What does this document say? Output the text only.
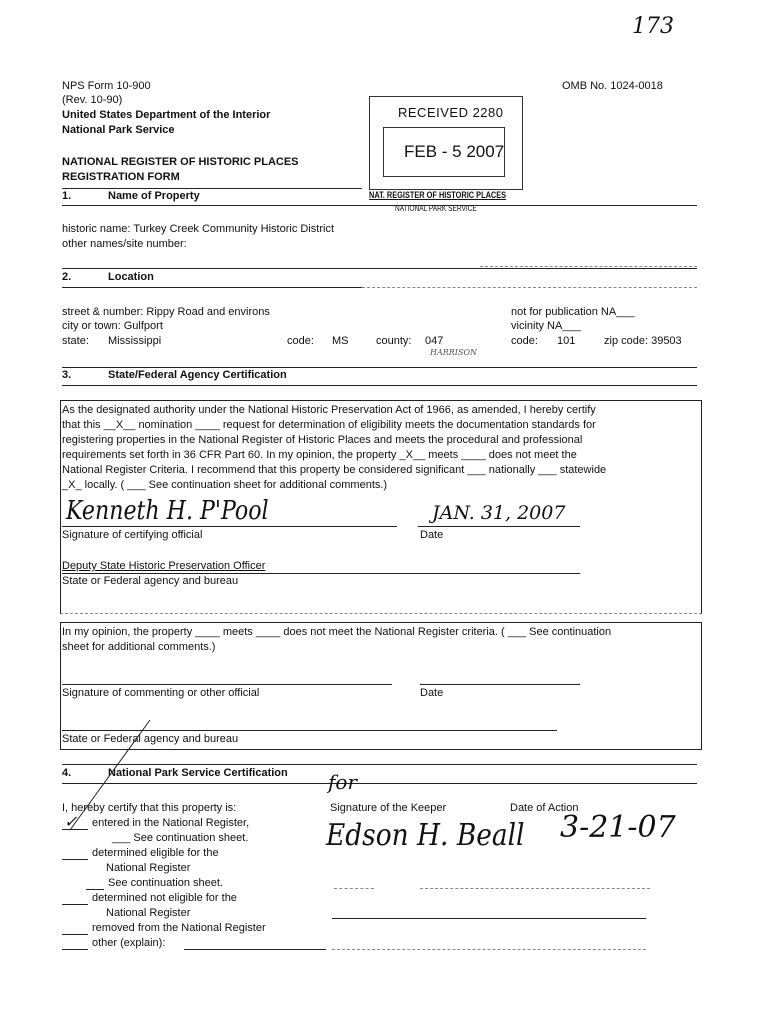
173
NPS Form 10-900
(Rev. 10-90)
United States Department of the Interior
National Park Service
OMB No. 1024-0018
NATIONAL REGISTER OF HISTORIC PLACES
REGISTRATION FORM
RECEIVED 2280
FEB - 5 2007
NAT. REGISTER OF HISTORIC PLACES
NATIONAL PARK SERVICE
1.	Name of Property
historic name: Turkey Creek Community Historic District
other names/site number:
2.	Location
street & number: Rippy Road and environs
city or town: Gulfport
state: Mississippi	code: MS	county: 047
HARRISON
not for publication NA___
vicinity NA___
code: 101	zip code: 39503
3.	State/Federal Agency Certification
As the designated authority under the National Historic Preservation Act of 1966, as amended, I hereby certify
that this __X__ nomination ____ request for determination of eligibility meets the documentation standards for
registering properties in the National Register of Historic Places and meets the procedural and professional
requirements set forth in 36 CFR Part 60. In my opinion, the property _X__ meets ____ does not meet the
National Register Criteria. I recommend that this property be considered significant ___ nationally ___ statewide
_X_ locally. ( ___ See continuation sheet for additional comments.)
Kenneth H. P'Pool	JAN. 31, 2007
Signature of certifying official	Date
Deputy State Historic Preservation Officer
State or Federal agency and bureau
In my opinion, the property ____ meets ____ does not meet the National Register criteria. ( ___ See continuation
sheet for additional comments.)
Signature of commenting or other official	Date
State or Federal agency and bureau
4.	National Park Service Certification
I, hereby certify that this property is:
✓ entered in the National Register,
___ See continuation sheet.
determined eligible for the
National Register
See continuation sheet.
determined not eligible for the
National Register
removed from the National Register
other (explain):
for
Signature of the Keeper	Date of Action
Edson H. Beall 3-21-07
